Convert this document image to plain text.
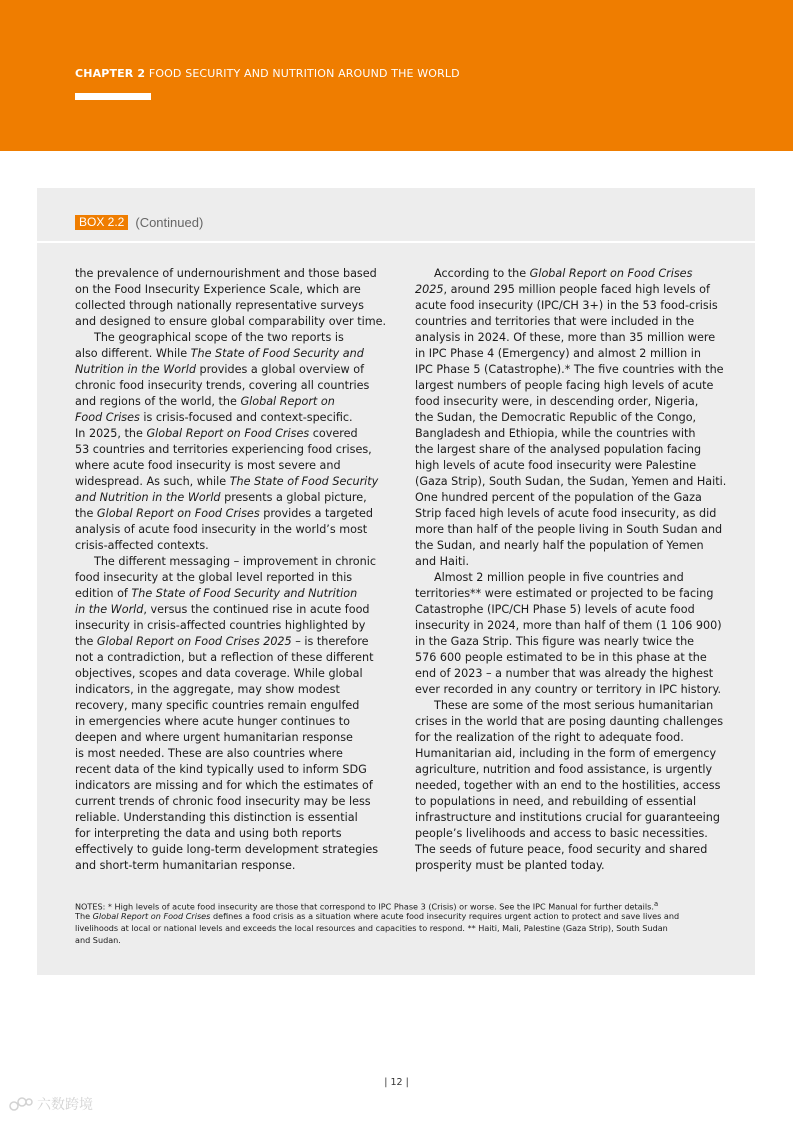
CHAPTER 2 FOOD SECURITY AND NUTRITION AROUND THE WORLD
BOX 2.2 (Continued)
the prevalence of undernourishment and those based
on the Food Insecurity Experience Scale, which are
collected through nationally representative surveys
and designed to ensure global comparability over time.
The geographical scope of the two reports is
also different. While The State of Food Security and
Nutrition in the World provides a global overview of
chronic food insecurity trends, covering all countries
and regions of the world, the Global Report on
Food Crises is crisis-focused and context-specific.
In 2025, the Global Report on Food Crises covered
53 countries and territories experiencing food crises,
where acute food insecurity is most severe and
widespread. As such, while The State of Food Security
and Nutrition in the World presents a global picture,
the Global Report on Food Crises provides a targeted
analysis of acute food insecurity in the world’s most
crisis-affected contexts.
The different messaging – improvement in chronic
food insecurity at the global level reported in this
edition of The State of Food Security and Nutrition
in the World, versus the continued rise in acute food
insecurity in crisis-affected countries highlighted by
the Global Report on Food Crises 2025 – is therefore
not a contradiction, but a reflection of these different
objectives, scopes and data coverage. While global
indicators, in the aggregate, may show modest
recovery, many specific countries remain engulfed
in emergencies where acute hunger continues to
deepen and where urgent humanitarian response
is most needed. These are also countries where
recent data of the kind typically used to inform SDG
indicators are missing and for which the estimates of
current trends of chronic food insecurity may be less
reliable. Understanding this distinction is essential
for interpreting the data and using both reports
effectively to guide long-term development strategies
and short-term humanitarian response.
According to the Global Report on Food Crises
2025, around 295 million people faced high levels of
acute food insecurity (IPC/CH 3+) in the 53 food-crisis
countries and territories that were included in the
analysis in 2024. Of these, more than 35 million were
in IPC Phase 4 (Emergency) and almost 2 million in
IPC Phase 5 (Catastrophe).* The five countries with the
largest numbers of people facing high levels of acute
food insecurity were, in descending order, Nigeria,
the Sudan, the Democratic Republic of the Congo,
Bangladesh and Ethiopia, while the countries with
the largest share of the analysed population facing
high levels of acute food insecurity were Palestine
(Gaza Strip), South Sudan, the Sudan, Yemen and Haiti.
One hundred percent of the population of the Gaza
Strip faced high levels of acute food insecurity, as did
more than half of the people living in South Sudan and
the Sudan, and nearly half the population of Yemen
and Haiti.
Almost 2 million people in five countries and
territories** were estimated or projected to be facing
Catastrophe (IPC/CH Phase 5) levels of acute food
insecurity in 2024, more than half of them (1 106 900)
in the Gaza Strip. This figure was nearly twice the
576 600 people estimated to be in this phase at the
end of 2023 – a number that was already the highest
ever recorded in any country or territory in IPC history.
These are some of the most serious humanitarian
crises in the world that are posing daunting challenges
for the realization of the right to adequate food.
Humanitarian aid, including in the form of emergency
agriculture, nutrition and food assistance, is urgently
needed, together with an end to the hostilities, access
to populations in need, and rebuilding of essential
infrastructure and institutions crucial for guaranteeing
people’s livelihoods and access to basic necessities.
The seeds of future peace, food security and shared
prosperity must be planted today.
NOTES: * High levels of acute food insecurity are those that correspond to IPC Phase 3 (Crisis) or worse. See the IPC Manual for further details.$^a$
The Global Report on Food Crises defines a food crisis as a situation where acute food insecurity requires urgent action to protect and save lives and
livelihoods at local or national levels and exceeds the local resources and capacities to respond. ** Haiti, Mali, Palestine (Gaza Strip), South Sudan
and Sudan.
| 12 |
六数跨境
